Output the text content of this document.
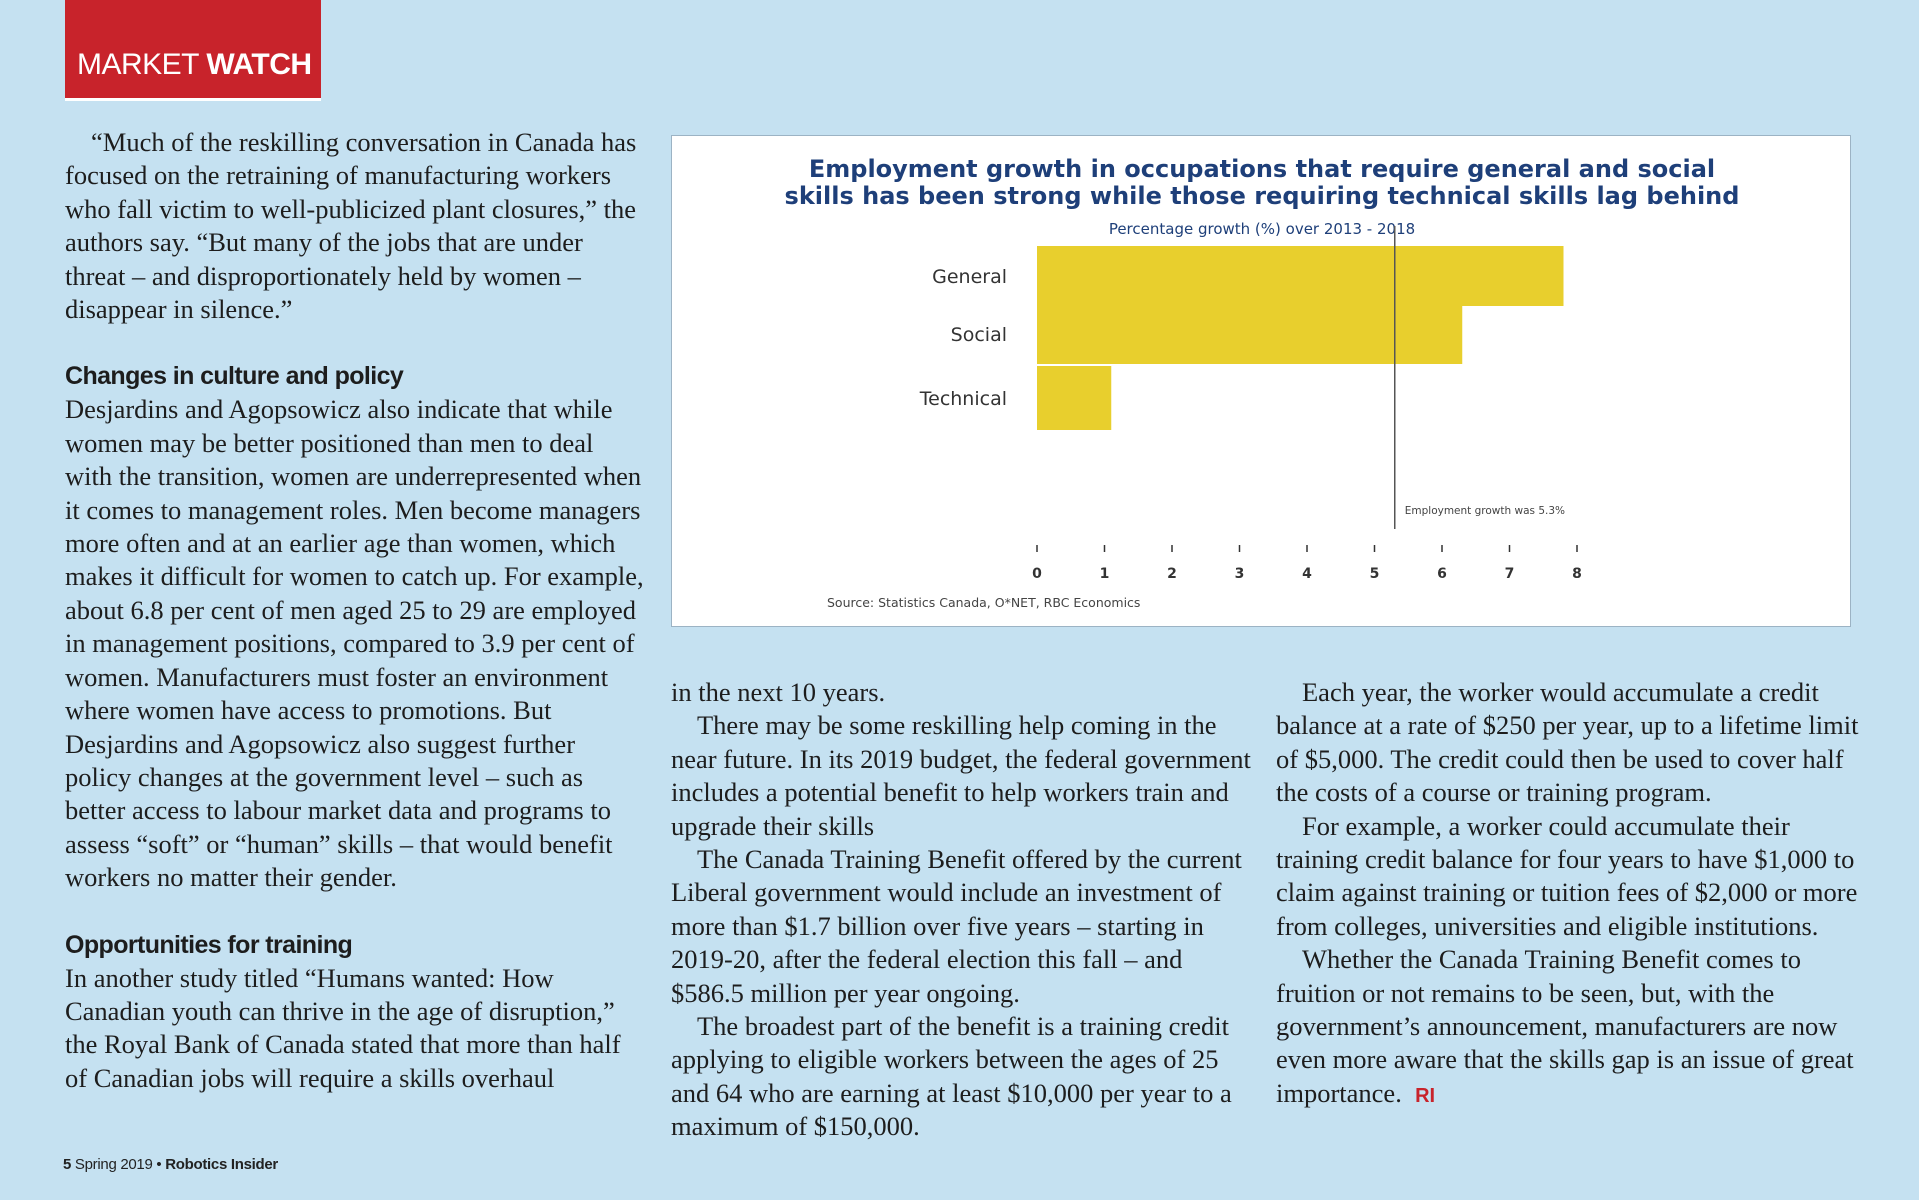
MARKET WATCH

“Much of the reskilling conversation in Canada has focused on the retraining of manufacturing workers who fall victim to well-publicized plant closures,” the authors say. “But many of the jobs that are under threat – and disproportionately held by women – disappear in silence.”

Changes in culture and policy

Desjardins and Agopsowicz also indicate that while women may be better positioned than men to deal with the transition, women are underrepresented when it comes to management roles. Men become managers more often and at an earlier age than women, which makes it difficult for women to catch up. For example, about 6.8 per cent of men aged 25 to 29 are employed in management positions, compared to 3.9 per cent of women. Manufacturers must foster an environment where women have access to promotions. But Desjardins and Agopsowicz also suggest further policy changes at the government level – such as better access to labour market data and programs to assess “soft” or “human” skills – that would benefit workers no matter their gender.

Opportunities for training

In another study titled “Humans wanted: How Canadian youth can thrive in the age of disruption,” the Royal Bank of Canada stated that more than half of Canadian jobs will require a skills overhaul

Employment growth in occupations that require general and social
skills has been strong while those requiring technical skills lag behind
Percentage growth (%) over 2013 - 2018
Source: Statistics Canada, O*NET, RBC Economics
General
Social
Technical
Employment growth was 5.3%
0	1	2	3	4	5	6	7	8

in the next 10 years.

There may be some reskilling help coming in the near future. In its 2019 budget, the federal government includes a potential benefit to help workers train and upgrade their skills

The Canada Training Benefit offered by the current Liberal government would include an investment of more than $1.7 billion over five years – starting in 2019-20, after the federal election this fall – and $586.5 million per year ongoing.

The broadest part of the benefit is a training credit applying to eligible workers between the ages of 25 and 64 who are earning at least $10,000 per year to a maximum of $150,000.

Each year, the worker would accumulate a credit balance at a rate of $250 per year, up to a lifetime limit of $5,000. The credit could then be used to cover half the costs of a course or training program.

For example, a worker could accumulate their training credit balance for four years to have $1,000 to claim against training or tuition fees of $2,000 or more from colleges, universities and eligible institutions.

Whether the Canada Training Benefit comes to fruition or not remains to be seen, but, with the government’s announcement, manufacturers are now even more aware that the skills gap is an issue of great importance. RI

5 Spring 2019 • Robotics Insider
